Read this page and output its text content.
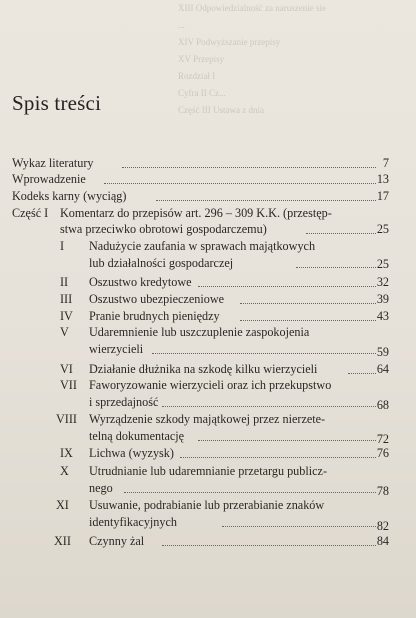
XIII Odpowiedzialność za naruszenie sie
...
XIV Podwyższanie przepisy
XV Przepisy
Rozdział I
Cyfra II Cz...
Część III Ustawa z dnia
Spis treści
Wykaz literatury	7
Wprowadzenie	13
Kodeks karny (wyciąg)	17
Część I Komentarz do przepisów art. 296 – 309 K.K. (przestęp-
stwa przeciwko obrotowi gospodarczemu)	25
I Nadużycie zaufania w sprawach majątkowych
lub działalności gospodarczej	25
II Oszustwo kredytowe	32
III Oszustwo ubezpieczeniowe	39
IV Pranie brudnych pieniędzy	43
V Udaremnienie lub uszczuplenie zaspokojenia
wierzycieli	59
VI Działanie dłużnika na szkodę kilku wierzycieli	64
VII Faworyzowanie wierzycieli oraz ich przekupstwo
i sprzedajność	68
VIII Wyrządzenie szkody majątkowej przez nierzete-
telną dokumentację	72
IX Lichwa (wyzysk)	76
X Utrudnianie lub udaremnianie przetargu publicz-
nego	78
XI Usuwanie, podrabianie lub przerabianie znaków
identyfikacyjnych	82
XII Czynny żal	84
